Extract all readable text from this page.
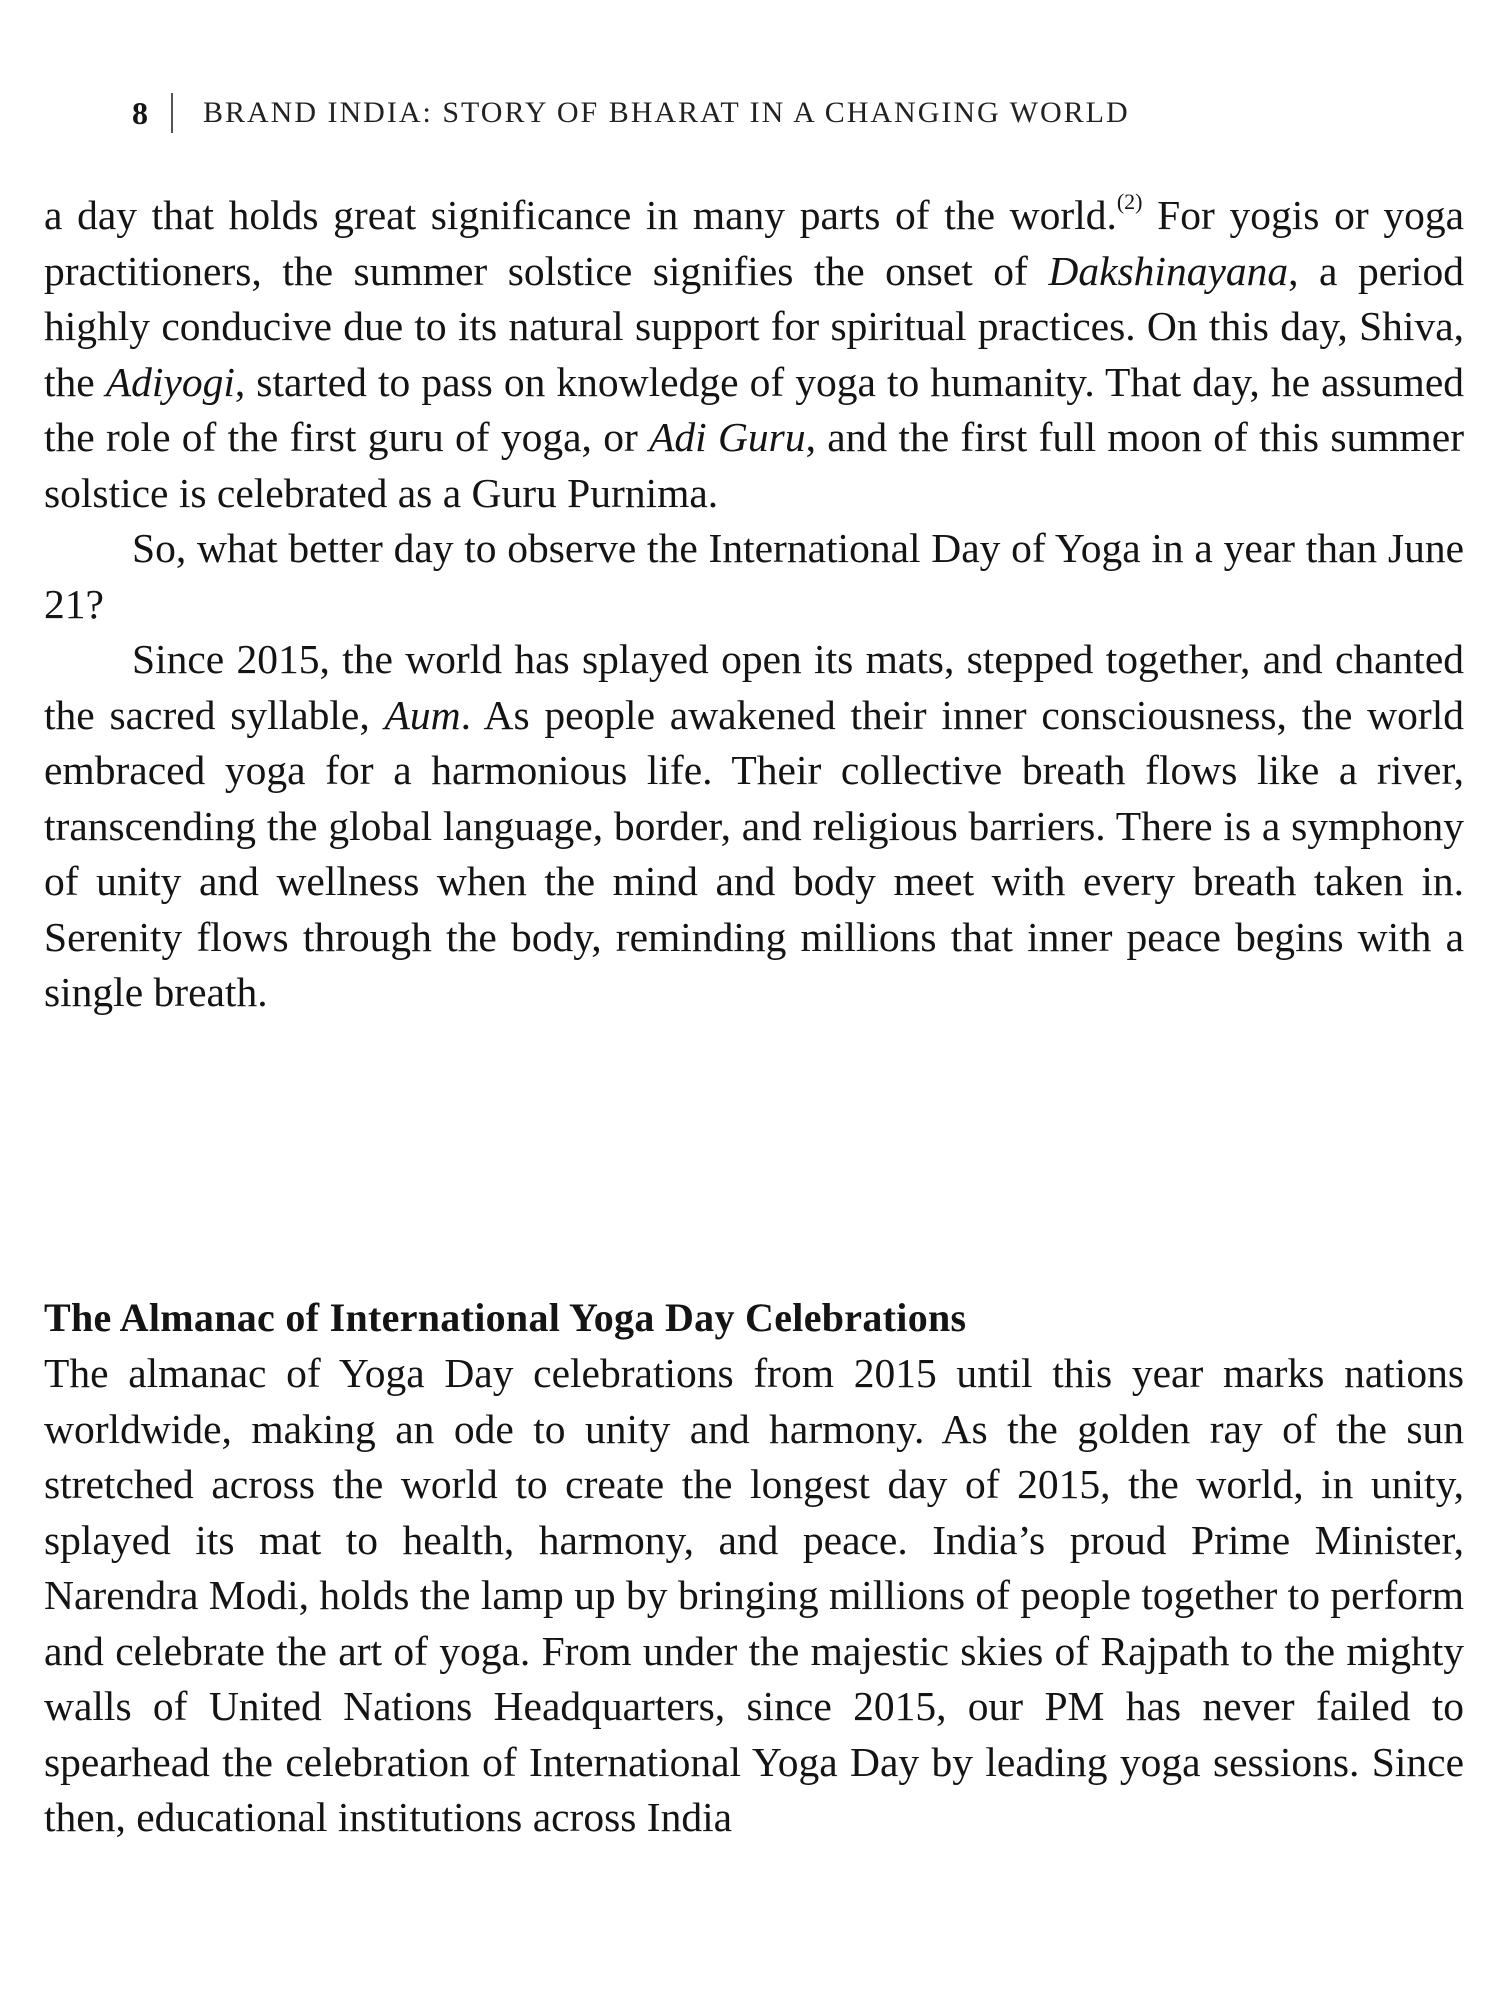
8 BRAND INDIA: STORY OF BHARAT IN A CHANGING WORLD

a day that holds great significance in many parts of the world.$^{(2)}$ For yogis or yoga practitioners, the summer solstice signifies the onset of Dakshinayana, a period highly conducive due to its natural support for spiritual practices. On this day, Shiva, the Adiyogi, started to pass on knowledge of yoga to humanity. That day, he assumed the role of the first guru of yoga, or Adi Guru, and the first full moon of this summer solstice is celebrated as a Guru Purnima.

So, what better day to observe the International Day of Yoga in a year than June 21?

Since 2015, the world has splayed open its mats, stepped together, and chanted the sacred syllable, Aum. As people awakened their inner consciousness, the world embraced yoga for a harmonious life. Their collective breath flows like a river, transcending the global language, border, and religious barriers. There is a symphony of unity and wellness when the mind and body meet with every breath taken in. Serenity flows through the body, reminding millions that inner peace begins with a single breath.

The Almanac of International Yoga Day Celebrations

The almanac of Yoga Day celebrations from 2015 until this year marks nations worldwide, making an ode to unity and harmony. As the golden ray of the sun stretched across the world to create the longest day of 2015, the world, in unity, splayed its mat to health, harmony, and peace. India’s proud Prime Minister, Narendra Modi, holds the lamp up by bringing millions of people together to perform and celebrate the art of yoga. From under the majestic skies of Rajpath to the mighty walls of United Nations Headquarters, since 2015, our PM has never failed to spearhead the celebration of International Yoga Day by leading yoga sessions. Since then, educational institutions across India
